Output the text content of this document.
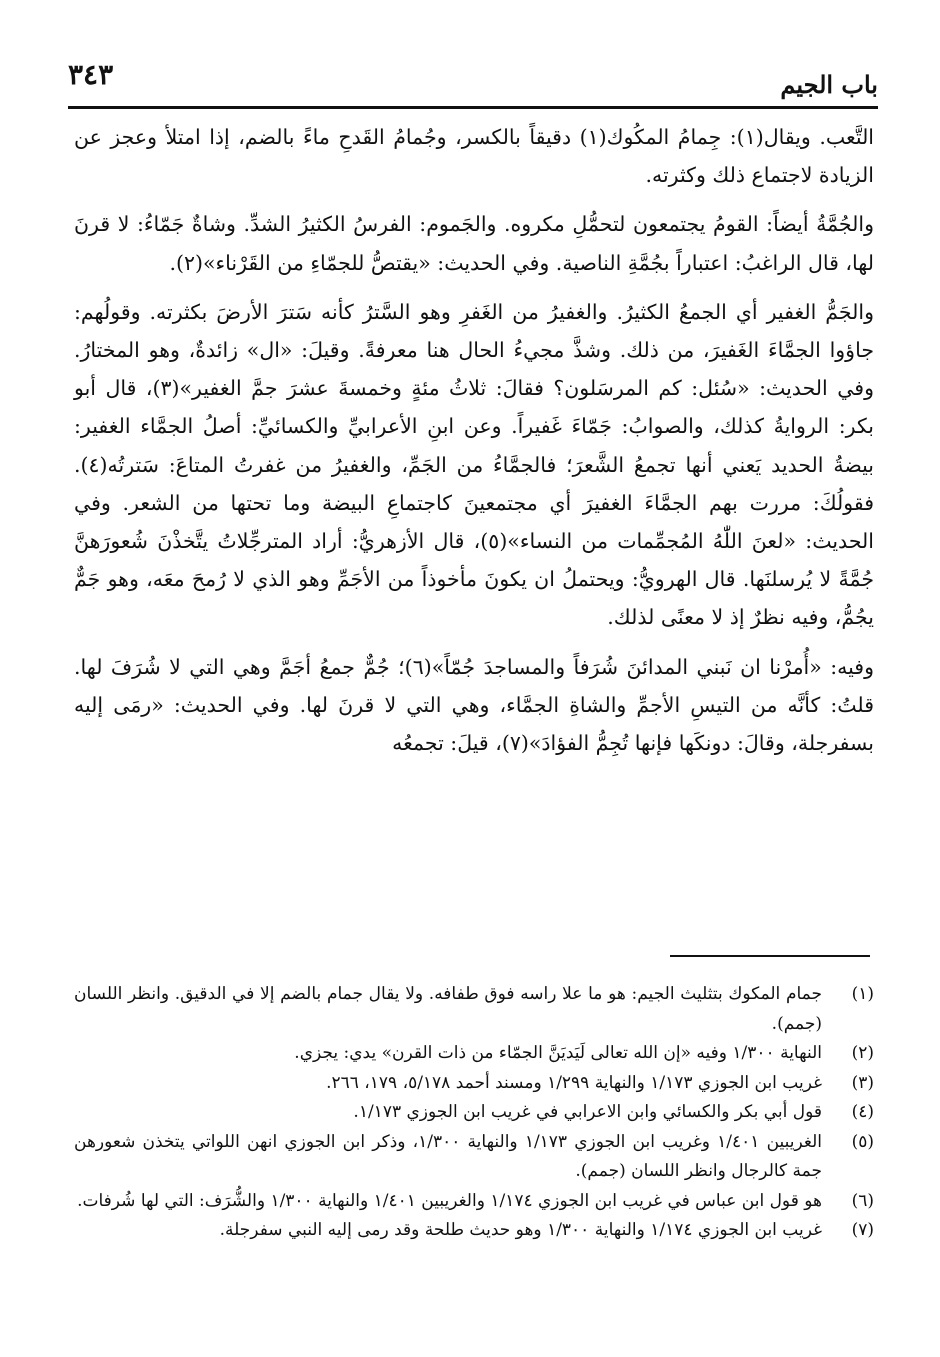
٣٤٣	باب الجيم

التَّعب. ويقال(١): جِمامُ المكُوك(١) دقيقاً بالكسر، وجُمامُ القَدحِ ماءً بالضم، إذا امتلأ وعجز عن الزيادة لاجتماع ذلك وكثرته.

والجُمَّةُ أيضاً: القومُ يجتمعون لتحمُّلِ مكروه. والجَموم: الفرسُ الكثيرُ الشدِّ. وشاةٌ جَمّاءُ: لا قرنَ لها، قال الراغبُ: اعتباراً بجُمَّةِ الناصية. وفي الحديث: «يقتصُّ للجمّاءِ من القَرْناء»(٢).

والجَمُّ الغفير أي الجمعُ الكثيرُ. والغفيرُ من الغَفرِ وهو السَّترُ كأنه سَترَ الأرضَ بكثرته. وقولُهم: جاؤوا الجمَّاءَ الغَفيرَ، من ذلك. وشذَّ مجيءُ الحال هنا معرفةً. وقيلَ: «ال» زائدةٌ، وهو المختارُ. وفي الحديث: «سُئل: كم المرسَلون؟ فقالَ: ثلاثُ مئةٍ وخمسةَ عشرَ جمَّ الغفير»(٣)، قال أبو بكر: الروايةُ كذلك، والصوابُ: جَمّاءَ غَفيراً. وعن ابنِ الأعرابيِّ والكسائيِّ: أصلُ الجمَّاء الغفير: بيضةُ الحديد يَعني أنها تجمعُ الشَّعرَ؛ فالجمَّاءُ من الجَمِّ، والغفيرُ من غفرتُ المتاعَ: سَترتُه(٤). فقولُكَ: مررت بهم الجمَّاءَ الغفيرَ أي مجتمعينَ كاجتماعِ البيضة وما تحتها من الشعر. وفي الحديث: «لعنَ اللّٰهُ المُجمِّمات من النساء»(٥)، قال الأزهريُّ: أراد المترجِّلاتُ يتَّخذْنَ شُعورَهنَّ جُمَّةً لا يُرسلنَها. قال الهرويُّ: ويحتملُ ان يكونَ مأخوذاً من الأجَمِّ وهو الذي لا رُمحَ معَه، وهو جَمٌّ يجُمُّ، وفيه نظرٌ إذ لا معنًى لذلك.

وفيه: «أُمرْنا ان نَبني المدائنَ شُرَفاً والمساجدَ جُمّاً»(٦)؛ جُمٌّ جمعُ أجَمَّ وهي التي لا شُرَفَ لها. قلتُ: كأنَّه من التيسِ الأجمِّ والشاةِ الجمَّاء، وهي التي لا قرنَ لها. وفي الحديث: «رمَى إليه بسفرجلة، وقالَ: دونكَها فإنها تُجِمُّ الفؤادَ»(٧)، قيلَ: تجمعُه

(١)
جمام المكوك بتثليث الجيم: هو ما علا راسه فوق طفافه. ولا يقال جمام بالضم إلا في الدقيق. وانظر اللسان (جمم).
(٢)
النهاية ١/٣٠٠ وفيه «إن الله تعالى لَيَديَنَّ الجمّاء من ذات القرن» يدي: يجزي.
(٣)
غريب ابن الجوزي ١/١٧٣ والنهاية ١/٢٩٩ ومسند أحمد ٥/١٧٨، ١٧٩، ٢٦٦.
(٤)
قول أبي بكر والكسائي وابن الاعرابي في غريب ابن الجوزي ١/١٧٣.
(٥)
الغريبين ١/٤٠١ وغريب ابن الجوزي ١/١٧٣ والنهاية ١/٣٠٠، وذكر ابن الجوزي انهن اللواتي يتخذن شعورهن جمة كالرجال وانظر اللسان (جمم).
(٦)
هو قول ابن عباس في غريب ابن الجوزي ١/١٧٤ والغريبين ١/٤٠١ والنهاية ١/٣٠٠ والشُّرَف: التي لها شُرفات.
(٧)
غريب ابن الجوزي ١/١٧٤ والنهاية ١/٣٠٠ وهو حديث طلحة وقد رمى إليه النبي سفرجلة.
